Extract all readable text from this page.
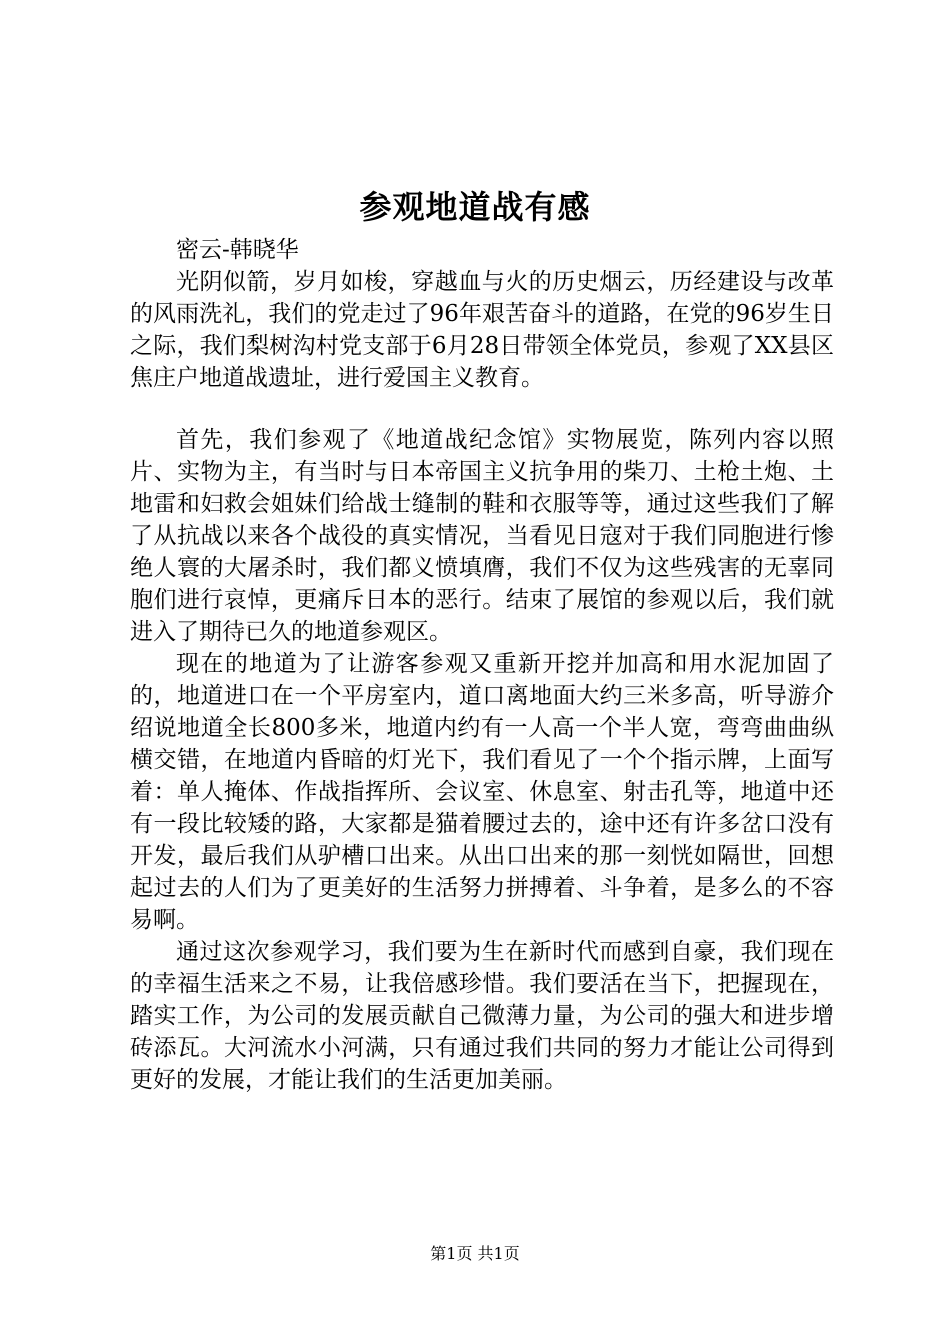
参观地道战有感

密云-韩晓华

光阴似箭，岁月如梭，穿越血与火的历史烟云，历经建设与改革的风雨洗礼，我们的党走过了96年艰苦奋斗的道路，在党的96岁生日之际，我们梨树沟村党支部于6月28日带领全体党员，参观了XX县区焦庄户地道战遗址，进行爱国主义教育。

首先，我们参观了《地道战纪念馆》实物展览，陈列内容以照片、实物为主，有当时与日本帝国主义抗争用的柴刀、土枪土炮、土地雷和妇救会姐妹们给战士缝制的鞋和衣服等等，通过这些我们了解了从抗战以来各个战役的真实情况，当看见日寇对于我们同胞进行惨绝人寰的大屠杀时，我们都义愤填膺，我们不仅为这些残害的无辜同胞们进行哀悼，更痛斥日本的恶行。结束了展馆的参观以后，我们就进入了期待已久的地道参观区。

现在的地道为了让游客参观又重新开挖并加高和用水泥加固了的，地道进口在一个平房室内，道口离地面大约三米多高，听导游介绍说地道全长800多米，地道内约有一人高一个半人宽，弯弯曲曲纵横交错，在地道内昏暗的灯光下，我们看见了一个个指示牌，上面写着：单人掩体、作战指挥所、会议室、休息室、射击孔等，地道中还有一段比较矮的路，大家都是猫着腰过去的，途中还有许多岔口没有开发，最后我们从驴槽口出来。从出口出来的那一刻恍如隔世，回想起过去的人们为了更美好的生活努力拼搏着、斗争着，是多么的不容易啊。

通过这次参观学习，我们要为生在新时代而感到自豪，我们现在的幸福生活来之不易，让我倍感珍惜。我们要活在当下，把握现在，踏实工作，为公司的发展贡献自己微薄力量，为公司的强大和进步增砖添瓦。大河流水小河满，只有通过我们共同的努力才能让公司得到更好的发展，才能让我们的生活更加美丽。

第1页 共1页
